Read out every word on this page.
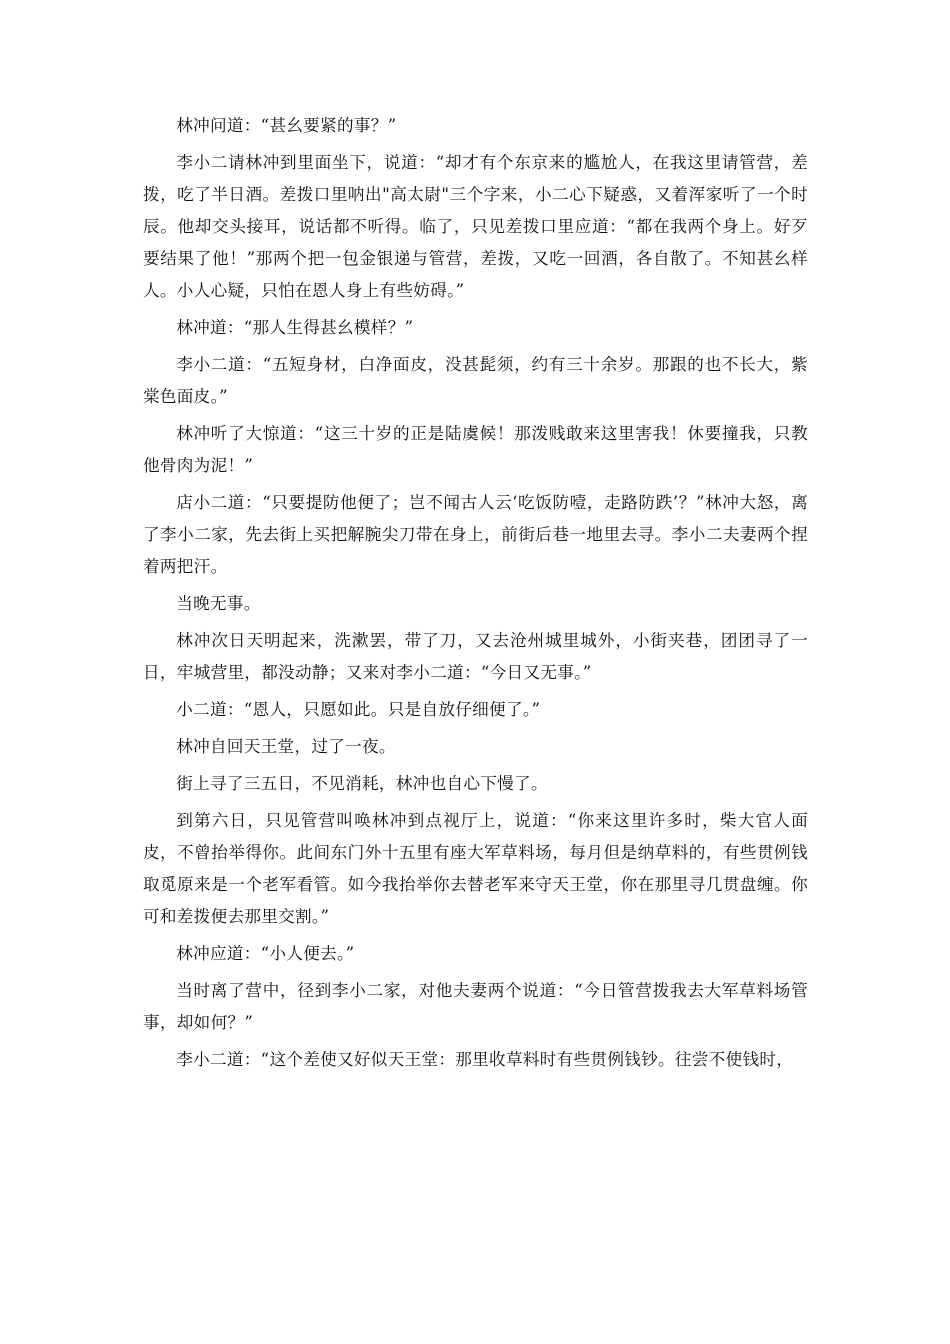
林冲问道：“甚幺要紧的事？”

李小二请林冲到里面坐下，说道：“却才有个东京来的尴尬人，在我这里请管营，差拨，吃了半日酒。差拨口里呐出"高太尉"三个字来，小二心下疑惑，又着浑家听了一个时辰。他却交头接耳，说话都不听得。临了，只见差拨口里应道：“都在我两个身上。好歹要结果了他！”那两个把一包金银递与管营，差拨，又吃一回酒，各自散了。不知甚幺样人。小人心疑，只怕在恩人身上有些妨碍。”

林冲道：“那人生得甚幺模样？”

李小二道：“五短身材，白净面皮，没甚髭须，约有三十余岁。那跟的也不长大，紫棠色面皮。”

林冲听了大惊道：“这三十岁的正是陆虞候！那泼贱敢来这里害我！休要撞我，只教他骨肉为泥！”

店小二道：“只要提防他便了；岂不闻古人云‘吃饭防噎，走路防跌’？”林冲大怒，离了李小二家，先去街上买把解腕尖刀带在身上，前街后巷一地里去寻。李小二夫妻两个捏着两把汗。

当晚无事。

林冲次日天明起来，洗漱罢，带了刀，又去沧州城里城外，小街夹巷，团团寻了一日，牢城营里，都没动静；又来对李小二道：“今日又无事。”

小二道：“恩人，只愿如此。只是自放仔细便了。”

林冲自回天王堂，过了一夜。

街上寻了三五日，不见消耗，林冲也自心下慢了。

到第六日，只见管营叫唤林冲到点视厅上，说道：“你来这里许多时，柴大官人面皮，不曾抬举得你。此间东门外十五里有座大军草料场，每月但是纳草料的，有些贯例钱取觅原来是一个老军看管。如今我抬举你去替老军来守天王堂，你在那里寻几贯盘缠。你可和差拨便去那里交割。”

林冲应道：“小人便去。”

当时离了营中，径到李小二家，对他夫妻两个说道：“今日管营拨我去大军草料场管事，却如何？”

李小二道：“这个差使又好似天王堂：那里收草料时有些贯例钱钞。往尝不使钱时，
